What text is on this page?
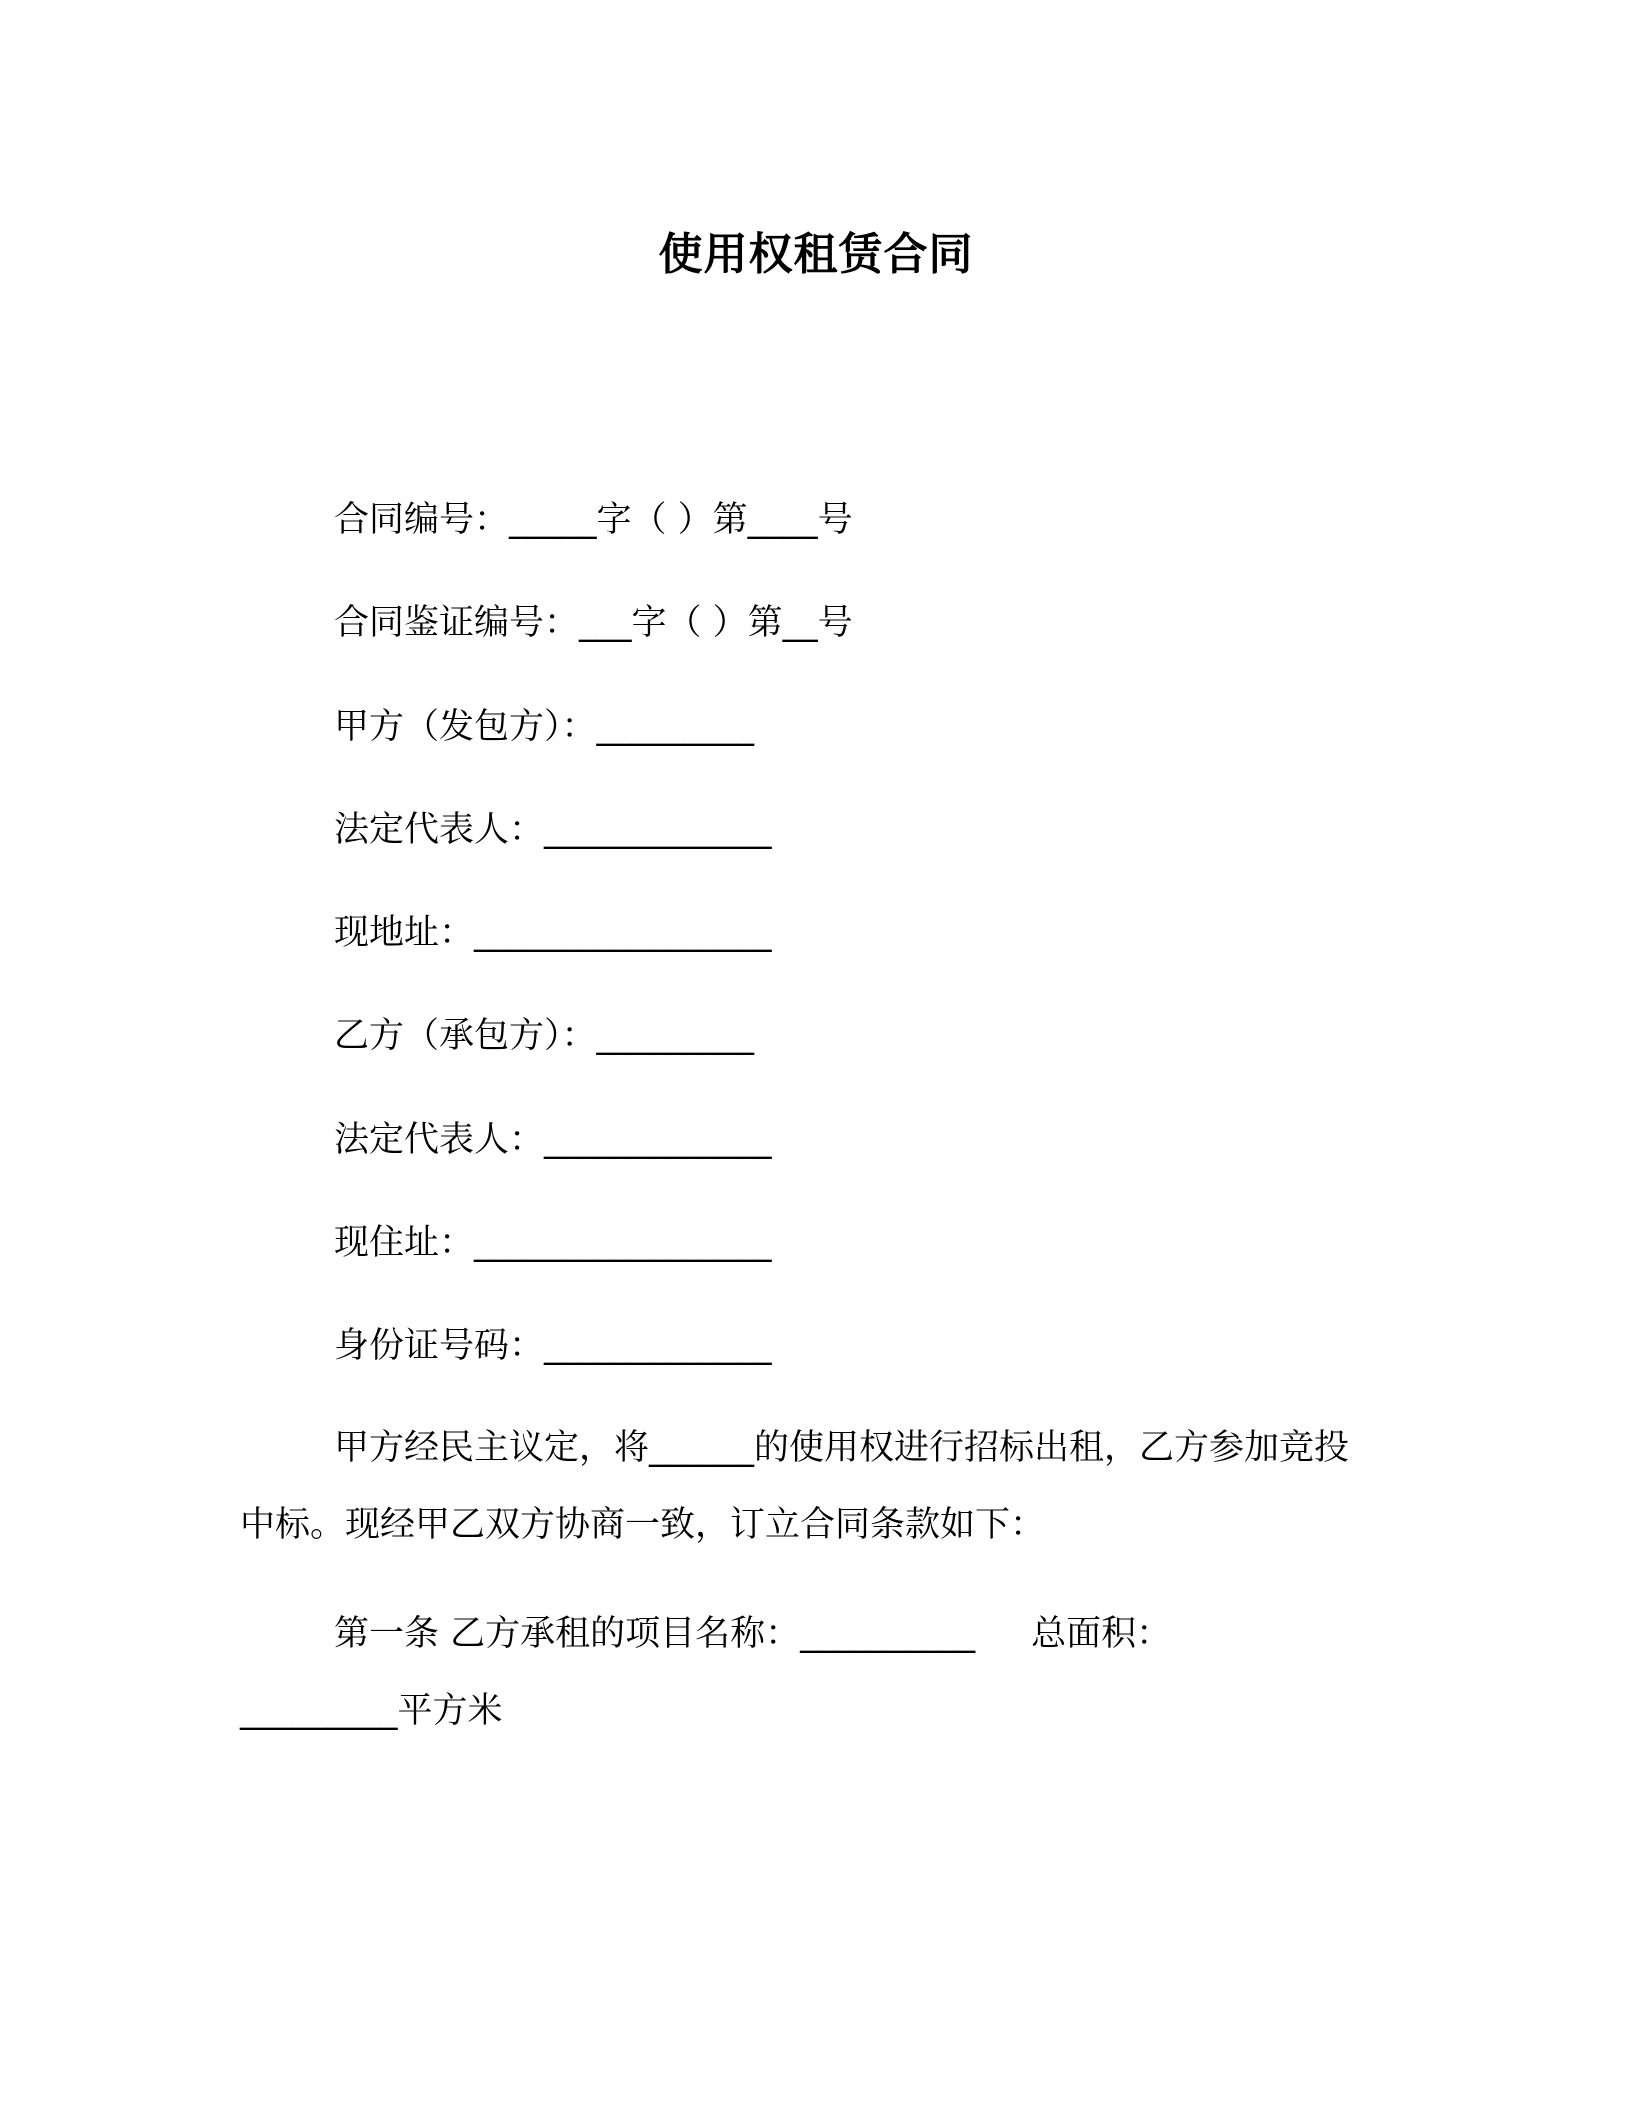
使用权租赁合同
合同编号：_____字（ ）第____号
合同鉴证编号：___字（ ）第__号
甲方（发包方）：_________
法定代表人：_____________
现地址：_________________
乙方（承包方）：_________
法定代表人：_____________
现住址：_________________
身份证号码：_____________
甲方经民主议定，将______的使用权进行招标出租，乙方参加竞投中标。现经甲乙双方协商一致，订立合同条款如下：
第一条 乙方承租的项目名称：__________ 总面积：
_________平方米
